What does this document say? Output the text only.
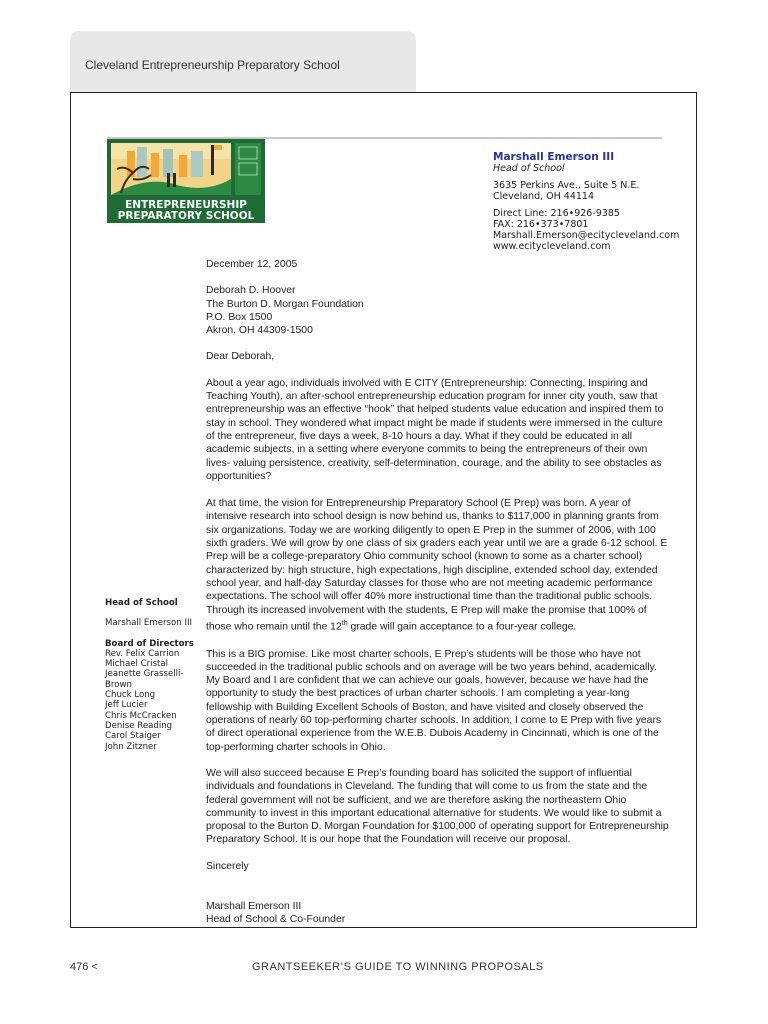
Cleveland Entrepreneurship Preparatory School
ENTREPRENEURSHIP
PREPARATORY SCHOOL
Marshall Emerson III
Head of School
3635 Perkins Ave., Suite 5 N.E.
Cleveland, OH 44114
Direct Line: 216•926-9385
FAX: 216•373•7801
Marshall.Emerson@ecitycleveland.com
www.ecitycleveland.com

December 12, 2005

Deborah D. Hoover

The Burton D. Morgan Foundation

P.O. Box 1500

Akron, OH 44309-1500

Dear Deborah,

About a year ago, individuals involved with E CITY (Entrepreneurship: Connecting, Inspiring and Teaching Youth), an after-school entrepreneurship education program for inner city youth, saw that entrepreneurship was an effective “hook” that helped students value education and inspired them to stay in school. They wondered what impact might be made if students were immersed in the culture of the entrepreneur, five days a week, 8-10 hours a day. What if they could be educated in all academic subjects, in a setting where everyone commits to being the entrepreneurs of their own lives- valuing persistence, creativity, self-determination, courage, and the ability to see obstacles as opportunities?

At that time, the vision for Entrepreneurship Preparatory School (E Prep) was born. A year of intensive research into school design is now behind us, thanks to $117,000 in planning grants from six organizations. Today we are working diligently to open E Prep in the summer of 2006, with 100 sixth graders. We will grow by one class of six graders each year until we are a grade 6-12 school. E Prep will be a college-preparatory Ohio community school (known to some as a charter school) characterized by: high structure, high expectations, high discipline, extended school day, extended school year, and half-day Saturday classes for those who are not meeting academic performance expectations. The school will offer 40% more instructional time than the traditional public schools. Through its increased involvement with the students, E Prep will make the promise that 100% of those who remain until the 12th grade will gain acceptance to a four-year college.

This is a BIG promise. Like most charter schools, E Prep’s students will be those who have not succeeded in the traditional public schools and on average will be two years behind, academically. My Board and I are confident that we can achieve our goals, however, because we have had the opportunity to study the best practices of urban charter schools. I am completing a year-long fellowship with Building Excellent Schools of Boston, and have visited and closely observed the operations of nearly 60 top-performing charter schools. In addition, I come to E Prep with five years of direct operational experience from the W.E.B. Dubois Academy in Cincinnati, which is one of the top-performing charter schools in Ohio.

We will also succeed because E Prep’s founding board has solicited the support of influential individuals and foundations in Cleveland. The funding that will come to us from the state and the federal government will not be sufficient, and we are therefore asking the northeastern Ohio community to invest in this important educational alternative for students. We would like to submit a proposal to the Burton D. Morgan Foundation for $100,000 of operating support for Entrepreneurship Preparatory School. It is our hope that the Foundation will receive our proposal.

Sincerely

Marshall Emerson III

Head of School & Co-Founder

Head of School
Marshall Emerson III
Board of Directors
Rev. Felix Carrion
Michael Cristal
Jeanette Grasselli-
Brown
Chuck Long
Jeff Lucier
Chris McCracken
Denise Reading
Carol Staiger
John Zitzner
476 <	GRANTSEEKER’S GUIDE TO WINNING PROPOSALS
